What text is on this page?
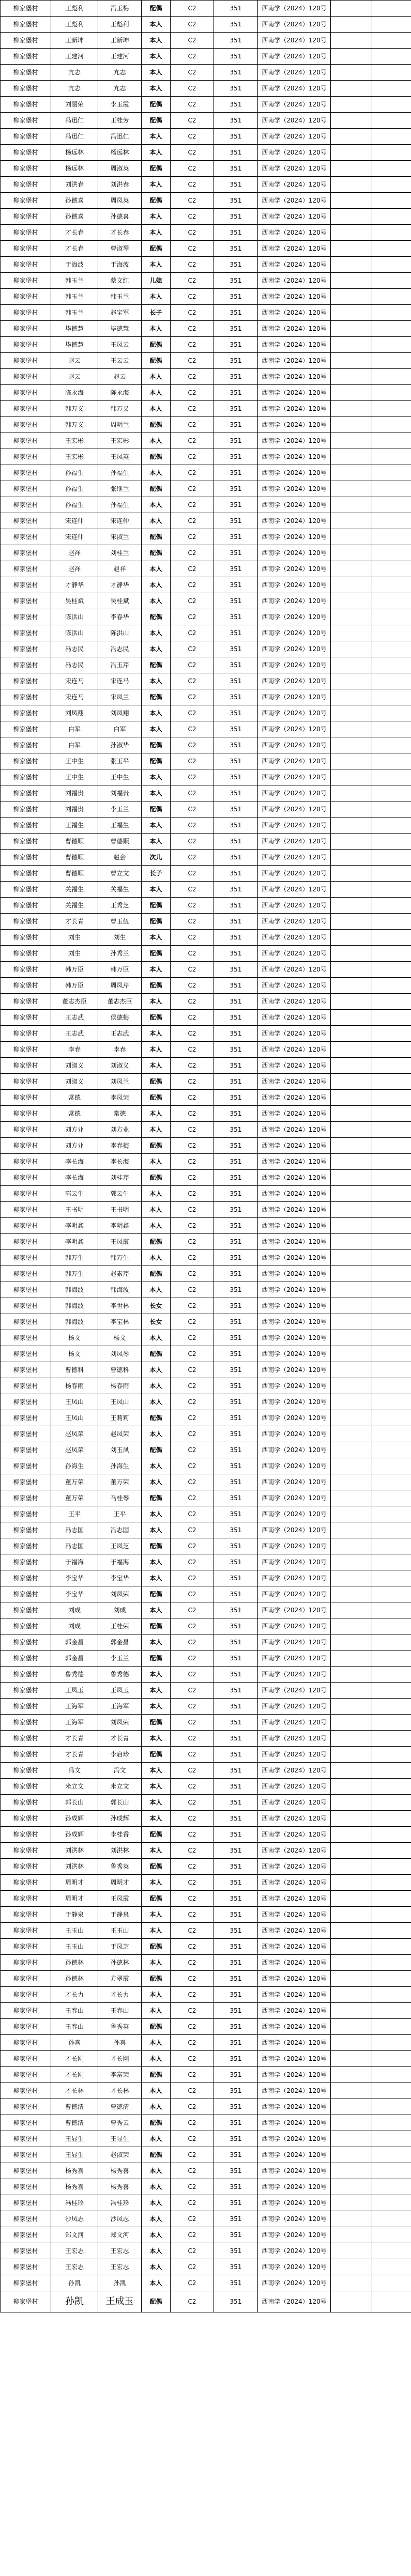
柳家堡村	王彪利	冯玉梅	配偶	C2	351	西南学（2024）120号		
柳家堡村	王彪利	王彪利	本人	C2	351	西南学（2024）120号		
柳家堡村	王新坤	王新坤	本人	C2	351	西南学（2024）120号		
柳家堡村	王建河	王建河	本人	C2	351	西南学（2024）120号		
柳家堡村	亢志	亢志	本人	C2	351	西南学（2024）120号		
柳家堡村	亢志	亢志	本人	C2	351	西南学（2024）120号		
柳家堡村	刘丽荣	李玉霞	配偶	C2	351	西南学（2024）120号		
柳家堡村	冯迅仁	王桂芳	配偶	C2	351	西南学（2024）120号		
柳家堡村	冯迅仁	冯迅仁	本人	C2	351	西南学（2024）120号		
柳家堡村	杨远林	杨远林	本人	C2	351	西南学（2024）120号		
柳家堡村	杨远林	周淑英	配偶	C2	351	西南学（2024）120号		
柳家堡村	刘洪春	刘洪春	本人	C2	351	西南学（2024）120号		
柳家堡村	孙德喜	周凤英	配偶	C2	351	西南学（2024）120号		
柳家堡村	孙德喜	孙德喜	本人	C2	351	西南学（2024）120号		
柳家堡村	才长春	才长春	本人	C2	351	西南学（2024）120号		
柳家堡村	才长春	曹淑琴	配偶	C2	351	西南学（2024）120号		
柳家堡村	于海波	于海波	本人	C2	351	西南学（2024）120号		
柳家堡村	韩玉兰	蔡文红	儿媳	C2	351	西南学（2024）120号		
柳家堡村	韩玉兰	韩玉兰	本人	C2	351	西南学（2024）120号		
柳家堡村	韩玉兰	赵宝军	长子	C2	351	西南学（2024）120号		
柳家堡村	毕德慧	毕德慧	本人	C2	351	西南学（2024）120号		
柳家堡村	毕德慧	王凤云	配偶	C2	351	西南学（2024）120号		
柳家堡村	赵云	王云云	配偶	C2	351	西南学（2024）120号		
柳家堡村	赵云	赵云	本人	C2	351	西南学（2024）120号		
柳家堡村	陈永海	陈永海	本人	C2	351	西南学（2024）120号		
柳家堡村	韩万义	韩万义	本人	C2	351	西南学（2024）120号		
柳家堡村	韩万义	周明兰	配偶	C2	351	西南学（2024）120号		
柳家堡村	王宏彬	王宏彬	本人	C2	351	西南学（2024）120号		
柳家堡村	王宏彬	王凤英	配偶	C2	351	西南学（2024）120号		
柳家堡村	孙福生	孙福生	本人	C2	351	西南学（2024）120号		
柳家堡村	孙福生	张继兰	配偶	C2	351	西南学（2024）120号		
柳家堡村	孙福生	孙福生	本人	C2	351	西南学（2024）120号		
柳家堡村	宋连仲	宋连仲	本人	C2	351	西南学（2024）120号		
柳家堡村	宋连仲	宋淑兰	配偶	C2	351	西南学（2024）120号		
柳家堡村	赵祥	刘桂兰	配偶	C2	351	西南学（2024）120号		
柳家堡村	赵祥	赵祥	本人	C2	351	西南学（2024）120号		
柳家堡村	才静华	才静华	本人	C2	351	西南学（2024）120号		
柳家堡村	吴桂斌	吴桂斌	本人	C2	351	西南学（2024）120号		
柳家堡村	陈洪山	李春华	配偶	C2	351	西南学（2024）120号		
柳家堡村	陈洪山	陈洪山	本人	C2	351	西南学（2024）120号		
柳家堡村	冯志民	冯志民	本人	C2	351	西南学（2024）120号		
柳家堡村	冯志民	冯玉芹	配偶	C2	351	西南学（2024）120号		
柳家堡村	宋连马	宋连马	本人	C2	351	西南学（2024）120号		
柳家堡村	宋连马	宋凤兰	配偶	C2	351	西南学（2024）120号		
柳家堡村	刘凤翔	刘凤翔	本人	C2	351	西南学（2024）120号		
柳家堡村	白军	白军	本人	C2	351	西南学（2024）120号		
柳家堡村	白军	孙淑华	配偶	C2	351	西南学（2024）120号		
柳家堡村	王中生	张玉平	配偶	C2	351	西南学（2024）120号		
柳家堡村	王中生	王中生	本人	C2	351	西南学（2024）120号		
柳家堡村	刘福贵	刘福贵	本人	C2	351	西南学（2024）120号		
柳家堡村	刘福贵	李玉兰	配偶	C2	351	西南学（2024）120号		
柳家堡村	王福生	王福生	本人	C2	351	西南学（2024）120号		
柳家堡村	曹德顺	曹德顺	本人	C2	351	西南学（2024）120号		
柳家堡村	曹德顺	赵会	次儿	C2	351	西南学（2024）120号		
柳家堡村	曹德顺	曹立文	长子	C2	351	西南学（2024）120号		
柳家堡村	关福生	关福生	本人	C2	351	西南学（2024）120号		
柳家堡村	关福生	王秀芝	配偶	C2	351	西南学（2024）120号		
柳家堡村	才长青	曹玉伍	配偶	C2	351	西南学（2024）120号		
柳家堡村	刘生	刘生	本人	C2	351	西南学（2024）120号		
柳家堡村	刘生	孙秀兰	配偶	C2	351	西南学（2024）120号		
柳家堡村	韩万臣	韩万臣	本人	C2	351	西南学（2024）120号		
柳家堡村	韩万臣	周凤芹	配偶	C2	351	西南学（2024）120号		
柳家堡村	董志杰臣	董志杰臣	本人	C2	351	西南学（2024）120号		
柳家堡村	王志武	侯德梅	配偶	C2	351	西南学（2024）120号		
柳家堡村	王志武	王志武	本人	C2	351	西南学（2024）120号		
柳家堡村	李春	李春	本人	C2	351	西南学（2024）120号		
柳家堡村	刘淑义	刘淑义	本人	C2	351	西南学（2024）120号		
柳家堡村	刘淑义	刘凤兰	配偶	C2	351	西南学（2024）120号		
柳家堡村	常德	李凤荣	配偶	C2	351	西南学（2024）120号		
柳家堡村	常德	常德	本人	C2	351	西南学（2024）120号		
柳家堡村	刘方业	刘方业	本人	C2	351	西南学（2024）120号		
柳家堡村	刘方业	李春梅	配偶	C2	351	西南学（2024）120号		
柳家堡村	李长海	李长海	本人	C2	351	西南学（2024）120号		
柳家堡村	李长海	刘桂芹	配偶	C2	351	西南学（2024）120号		
柳家堡村	郭云生	郭云生	本人	C2	351	西南学（2024）120号		
柳家堡村	王书明	王书明	本人	C2	351	西南学（2024）120号		
柳家堡村	李明鑫	李明鑫	本人	C2	351	西南学（2024）120号		
柳家堡村	李明鑫	王凤霞	配偶	C2	351	西南学（2024）120号		
柳家堡村	韩万生	韩万生	本人	C2	351	西南学（2024）120号		
柳家堡村	韩万生	赵素芹	配偶	C2	351	西南学（2024）120号		
柳家堡村	韩海波	韩海波	本人	C2	351	西南学（2024）120号		
柳家堡村	韩海波	李世林	长女	C2	351	西南学（2024）120号		
柳家堡村	韩海波	李宝林	长女	C2	351	西南学（2024）120号		
柳家堡村	杨文	杨文	本人	C2	351	西南学（2024）120号		
柳家堡村	杨文	刘凤琴	配偶	C2	351	西南学（2024）120号		
柳家堡村	曹德科	曹德科	本人	C2	351	西南学（2024）120号		
柳家堡村	杨春雨	杨春雨	本人	C2	351	西南学（2024）120号		
柳家堡村	王凤山	王凤山	本人	C2	351	西南学（2024）120号		
柳家堡村	王凤山	王莉莉	配偶	C2	351	西南学（2024）120号		
柳家堡村	赵凤荣	赵凤荣	本人	C2	351	西南学（2024）120号		
柳家堡村	赵凤荣	刘玉凤	配偶	C2	351	西南学（2024）120号		
柳家堡村	孙海生	孙海生	本人	C2	351	西南学（2024）120号		
柳家堡村	董万荣	董万荣	本人	C2	351	西南学（2024）120号		
柳家堡村	董万荣	马桂琴	配偶	C2	351	西南学（2024）120号		
柳家堡村	王平	王平	本人	C2	351	西南学（2024）120号		
柳家堡村	冯志国	冯志国	本人	C2	351	西南学（2024）120号		
柳家堡村	冯志国	王凤芝	配偶	C2	351	西南学（2024）120号		
柳家堡村	于福海	于福海	本人	C2	351	西南学（2024）120号		
柳家堡村	李宝华	李宝华	本人	C2	351	西南学（2024）120号		
柳家堡村	李宝华	刘凤荣	配偶	C2	351	西南学（2024）120号		
柳家堡村	刘成	刘成	本人	C2	351	西南学（2024）120号		
柳家堡村	刘成	王桂荣	配偶	C2	351	西南学（2024）120号		
柳家堡村	郭金昌	郭金昌	本人	C2	351	西南学（2024）120号		
柳家堡村	郭金昌	李玉兰	配偶	C2	351	西南学（2024）120号		
柳家堡村	鲁秀德	鲁秀德	本人	C2	351	西南学（2024）120号		
柳家堡村	王凤玉	王凤玉	本人	C2	351	西南学（2024）120号		
柳家堡村	王海军	王海军	本人	C2	351	西南学（2024）120号		
柳家堡村	王海军	刘凤荣	配偶	C2	351	西南学（2024）120号		
柳家堡村	才长青	才长青	本人	C2	351	西南学（2024）120号		
柳家堡村	才长青	李启珍	配偶	C2	351	西南学（2024）120号		
柳家堡村	冯文	冯文	本人	C2	351	西南学（2024）120号		
柳家堡村	米立文	米立文	本人	C2	351	西南学（2024）120号		
柳家堡村	郭长山	郭长山	本人	C2	351	西南学（2024）120号		
柳家堡村	孙成辉	孙成辉	本人	C2	351	西南学（2024）120号		
柳家堡村	孙成辉	李桂香	配偶	C2	351	西南学（2024）120号		
柳家堡村	刘洪林	刘洪林	本人	C2	351	西南学（2024）120号		
柳家堡村	刘洪林	鲁秀英	配偶	C2	351	西南学（2024）120号		
柳家堡村	周明才	周明才	本人	C2	351	西南学（2024）120号		
柳家堡村	周明才	王凤霞	配偶	C2	351	西南学（2024）120号		
柳家堡村	于静泉	于静泉	本人	C2	351	西南学（2024）120号		
柳家堡村	王玉山	王玉山	本人	C2	351	西南学（2024）120号		
柳家堡村	王玉山	于凤芝	配偶	C2	351	西南学（2024）120号		
柳家堡村	孙德林	孙德林	本人	C2	351	西南学（2024）120号		
柳家堡村	孙德林	方翠霞	配偶	C2	351	西南学（2024）120号		
柳家堡村	才长力	才长力	本人	C2	351	西南学（2024）120号		
柳家堡村	王春山	王春山	本人	C2	351	西南学（2024）120号		
柳家堡村	王春山	鲁秀英	配偶	C2	351	西南学（2024）120号		
柳家堡村	孙喜	孙喜	本人	C2	351	西南学（2024）120号		
柳家堡村	才长刚	才长刚	本人	C2	351	西南学（2024）120号		
柳家堡村	才长刚	李富荣	配偶	C2	351	西南学（2024）120号		
柳家堡村	才长林	才长林	本人	C2	351	西南学（2024）120号		
柳家堡村	曹德清	曹德清	本人	C2	351	西南学（2024）120号		
柳家堡村	曹德清	曹秀云	配偶	C2	351	西南学（2024）120号		
柳家堡村	王显生	王显生	本人	C2	351	西南学（2024）120号		
柳家堡村	王显生	赵淑荣	配偶	C2	351	西南学（2024）120号		
柳家堡村	杨秀喜	杨秀喜	本人	C2	351	西南学（2024）120号		
柳家堡村	杨秀喜	杨秀喜	本人	C2	351	西南学（2024）120号		
柳家堡村	冯桂珍	冯桂珍	本人	C2	351	西南学（2024）120号		
柳家堡村	沙凤志	沙凤志	本人	C2	351	西南学（2024）120号		
柳家堡村	郑文河	郑文河	本人	C2	351	西南学（2024）120号		
柳家堡村	王宏志	王宏志	本人	C2	351	西南学（2024）120号		
柳家堡村	王宏志	王宏志	本人	C2	351	西南学（2024）120号		
柳家堡村	孙凯	孙凯	本人	C2	351	西南学（2024）120号		
柳家堡村	孙凯	王成玉	配偶	C2	351	西南学（2024）120号		
